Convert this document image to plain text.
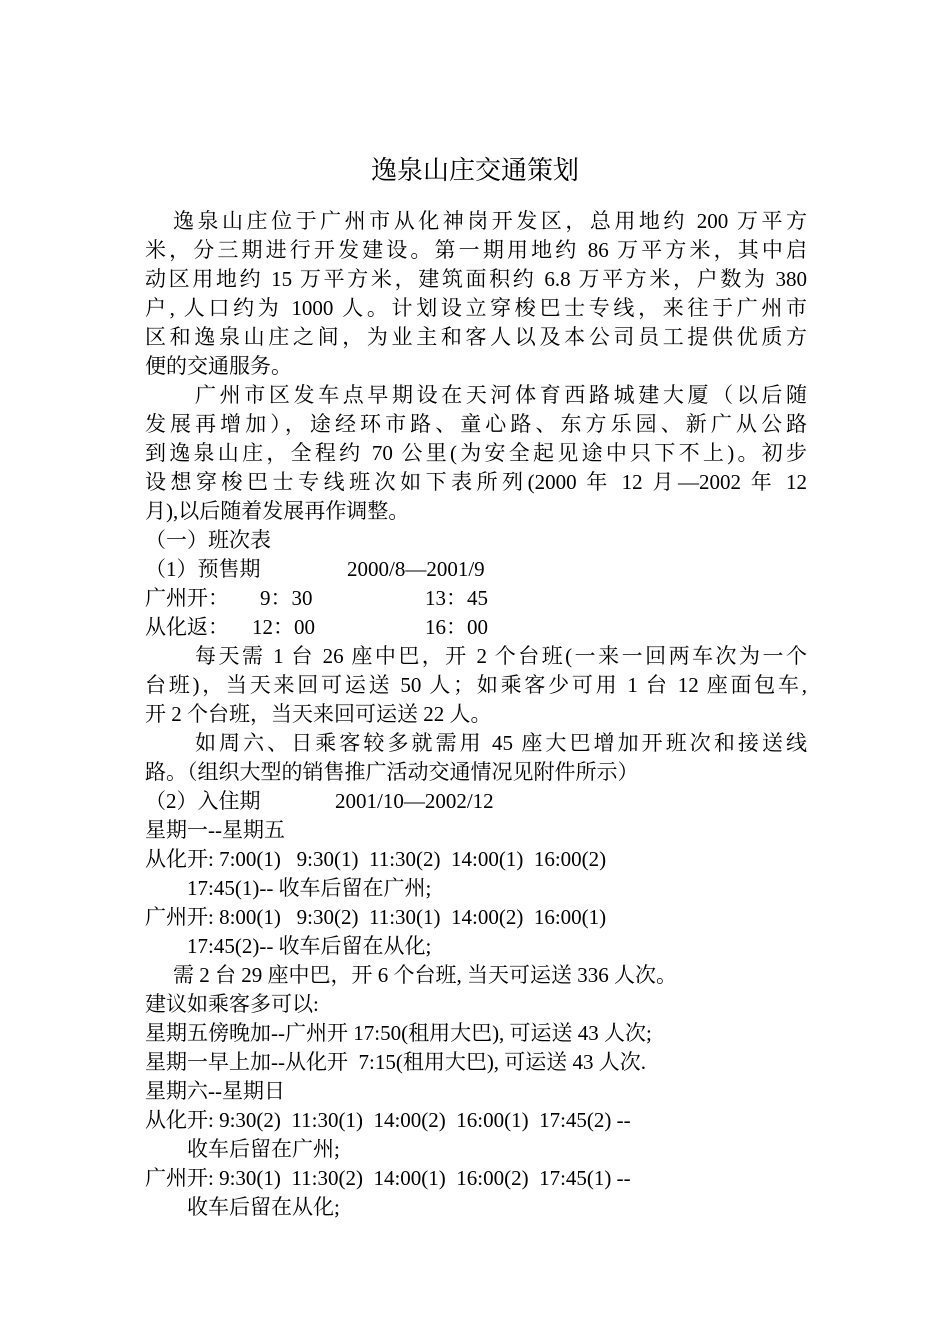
逸泉山庄交通策划
逸泉山庄位于广州市从化神岗开发区，总用地约 200 万平方
米，分三期进行开发建设。第一期用地约 86 万平方米，其中启
动区用地约 15 万平方米，建筑面积约 6.8 万平方米，户数为 380
户, 人口约为 1000 人。计划设立穿梭巴士专线，来往于广州市
区和逸泉山庄之间，为业主和客人以及本公司员工提供优质方
便的交通服务。
广州市区发车点早期设在天河体育西路城建大厦（以后随
发展再增加），途经环市路、童心路、东方乐园、新广从公路
到逸泉山庄，全程约 70 公里(为安全起见途中只下不上)。初步
设想穿梭巴士专线班次如下表所列(2000 年 12 月—2002 年 12
月),以后随着发展再作调整。
（一）班次表
（1）预售期	2000/8—2001/9
广州开： 9：30	13：45
从化返： 12：00	16：00
每天需 1 台 26 座中巴，开 2 个台班(一来一回两车次为一个
台班)，当天来回可运送 50 人；如乘客少可用 1 台 12 座面包车,
开 2 个台班，当天来回可运送 22 人。
如周六、日乘客较多就需用 45 座大巴增加开班次和接送线
路。（组织大型的销售推广活动交通情况见附件所示）
（2）入住期	2001/10—2002/12
星期一--星期五
从化开: 7:00(1)   9:30(1)  11:30(2)  14:00(1)  16:00(2)
17:45(1)-- 收车后留在广州;
广州开: 8:00(1)   9:30(2)  11:30(1)  14:00(2)  16:00(1)
17:45(2)-- 收车后留在从化;
需 2 台 29 座中巴，开 6 个台班, 当天可运送 336 人次。
建议如乘客多可以:
星期五傍晚加--广州开 17:50(租用大巴), 可运送 43 人次;
星期一早上加--从化开  7:15(租用大巴), 可运送 43 人次.
星期六--星期日
从化开: 9:30(2)  11:30(1)  14:00(2)  16:00(1)  17:45(2) --
收车后留在广州;
广州开: 9:30(1)  11:30(2)  14:00(1)  16:00(2)  17:45(1) --
收车后留在从化;
